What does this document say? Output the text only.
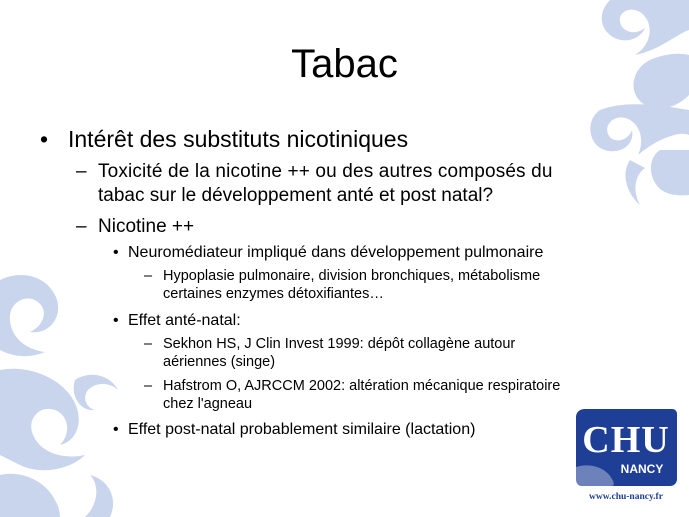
Tabac
• Intérêt des substituts nicotiniques
– Toxicité de la nicotine ++ ou des autres composés du
tabac sur le développement anté et post natal?
– Nicotine ++
• Neuromédiateur impliqué dans développement pulmonaire
– Hypoplasie pulmonaire, division bronchiques, métabolisme
certaines enzymes détoxifiantes…
• Effet anté-natal:
– Sekhon HS, J Clin Invest 1999: dépôt collagène autour
aériennes (singe)
– Hafstrom O, AJRCCM 2002: altération mécanique respiratoire
chez l'agneau
• Effet post-natal probablement similaire (lactation)	CHU
NANCY
www.chu-nancy.fr
